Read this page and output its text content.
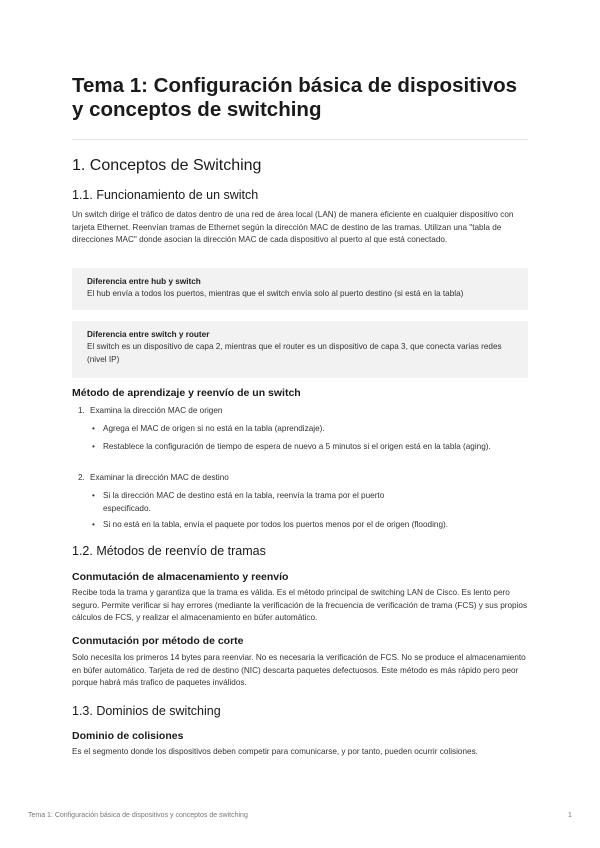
Tema 1: Configuración básica de dispositivos y conceptos de switching
1. Conceptos de Switching
1.1. Funcionamiento de un switch

Un switch dirige el tráfico de datos dentro de una red de área local (LAN) de manera eficiente en cualquier dispositivo con tarjeta Ethernet. Reenvían tramas de Ethernet según la dirección MAC de destino de las tramas. Utilizan una "tabla de direcciones MAC" donde asocian la dirección MAC de cada dispositivo al puerto al que está conectado.

Diferencia entre hub y switch

El hub envía a todos los puertos, mientras que el switch envía solo al puerto destino (si está en la tabla)

Diferencia entre switch y router

El switch es un dispositivo de capa 2, mientras que el router es un dispositivo de capa 3, que conecta varias redes (nivel IP)

Método de aprendizaje y reenvío de un switch
1. Examina la dirección MAC de origen
• Agrega el MAC de origen si no está en la tabla (aprendizaje).
• Restablece la configuración de tiempo de espera de nuevo a 5 minutos si el origen está en la tabla (aging).
2. Examinar la dirección MAC de destino
• Si la dirección MAC de destino está en la tabla, reenvía la trama por el puerto especificado.
• Si no está en la tabla, envía el paquete por todos los puertos menos por el de origen (flooding).
1.2. Métodos de reenvío de tramas
Conmutación de almacenamiento y reenvío

Recibe toda la trama y garantiza que la trama es válida. Es el método principal de switching LAN de Cisco. Es lento pero seguro. Permite verificar si hay errores (mediante la verificación de la frecuencia de verificación de trama (FCS) y sus propios cálculos de FCS, y realizar el almacenamiento en búfer automático.

Conmutación por método de corte

Solo necesita los primeros 14 bytes para reenviar. No es necesaria la verificación de FCS. No se produce el almacenamiento en búfer automático. Tarjeta de red de destino (NIC) descarta paquetes defectuosos. Este método es más rápido pero peor porque habrá más trafico de paquetes inválidos.

1.3. Dominios de switching
Dominio de colisiones

Es el segmento donde los dispositivos deben competir para comunicarse, y por tanto, pueden ocurrir colisiones.

Tema 1: Configuración básica de dispositivos y conceptos de switching	1
